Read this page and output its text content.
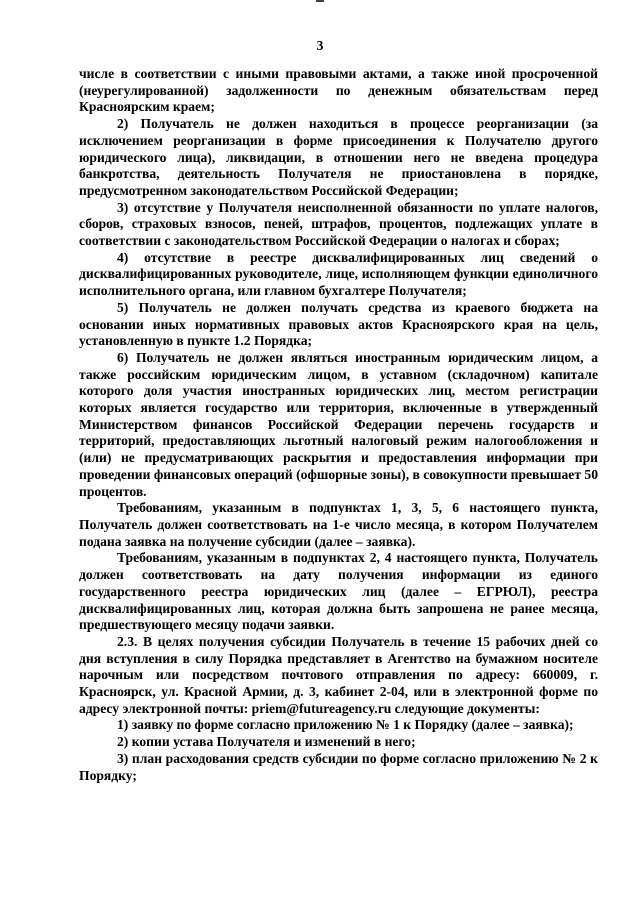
3

числе в соответствии с иными правовыми актами, а также иной просроченной (неурегулированной) задолженности по денежным обязательствам перед Красноярским краем;

2) Получатель не должен находиться в процессе реорганизации (за исключением реорганизации в форме присоединения к Получателю другого юридического лица), ликвидации, в отношении него не введена процедура банкротства, деятельность Получателя не приостановлена в порядке, предусмотренном законодательством Российской Федерации;

3) отсутствие у Получателя неисполненной обязанности по уплате налогов, сборов, страховых взносов, пеней, штрафов, процентов, подлежащих уплате в соответствии с законодательством Российской Федерации о налогах и сборах;

4) отсутствие в реестре дисквалифицированных лиц сведений о дисквалифицированных руководителе, лице, исполняющем функции единоличного исполнительного органа, или главном бухгалтере Получателя;

5) Получатель не должен получать средства из краевого бюджета на основании иных нормативных правовых актов Красноярского края на цель, установленную в пункте 1.2 Порядка;

6) Получатель не должен являться иностранным юридическим лицом, а также российским юридическим лицом, в уставном (складочном) капитале которого доля участия иностранных юридических лиц, местом регистрации которых является государство или территория, включенные в утвержденный Министерством финансов Российской Федерации перечень государств и территорий, предоставляющих льготный налоговый режим налогообложения и (или) не предусматривающих раскрытия и предоставления информации при проведении финансовых операций (офшорные зоны), в совокупности превышает 50 процентов.

Требованиям, указанным в подпунктах 1, 3, 5, 6 настоящего пункта, Получатель должен соответствовать на 1-е число месяца, в котором Получателем подана заявка на получение субсидии (далее – заявка).

Требованиям, указанным в подпунктах 2, 4 настоящего пункта, Получатель должен соответствовать на дату получения информации из единого государственного реестра юридических лиц (далее – ЕГРЮЛ), реестра дисквалифицированных лиц, которая должна быть запрошена не ранее месяца, предшествующего месяцу подачи заявки.

2.3. В целях получения субсидии Получатель в течение 15 рабочих дней со дня вступления в силу Порядка представляет в Агентство на бумажном носителе нарочным или посредством почтового отправления по адресу: 660009, г. Красноярск, ул. Красной Армии, д. 3, кабинет 2-04, или в электронной форме по адресу электронной почты: priem@futureagency.ru следующие документы:

1) заявку по форме согласно приложению № 1 к Порядку (далее – заявка);

2) копии устава Получателя и изменений в него;

3) план расходования средств субсидии по форме согласно приложению № 2 к Порядку;
